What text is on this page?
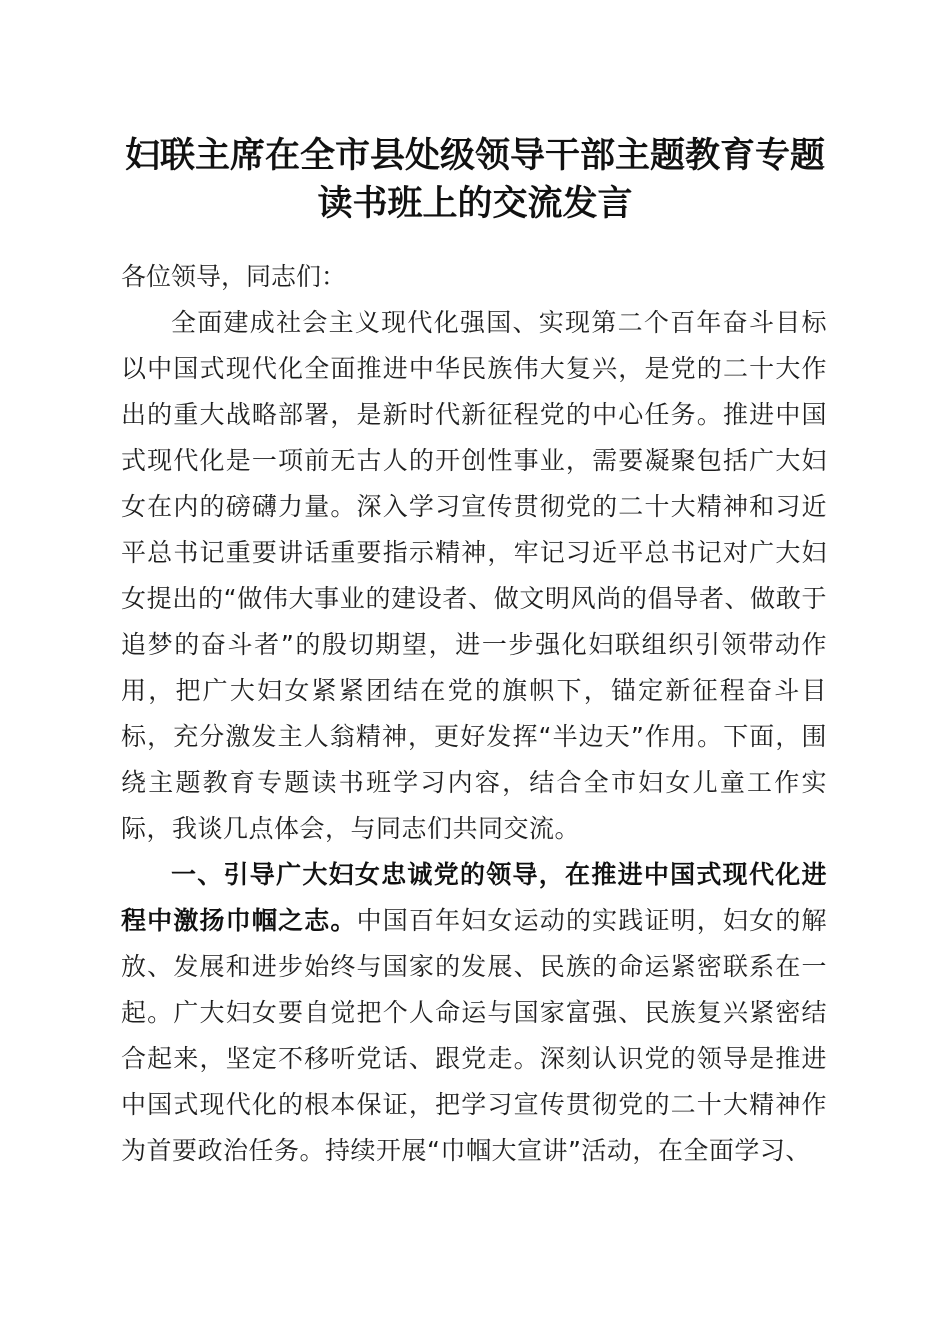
妇联主席在全市县处级领导干部主题教育专题
读书班上的交流发言

各位领导，同志们：

全面建成社会主义现代化强国、实现第二个百年奋斗目标以中国式现代化全面推进中华民族伟大复兴，是党的二十大作出的重大战略部署，是新时代新征程党的中心任务。推进中国式现代化是一项前无古人的开创性事业，需要凝聚包括广大妇女在内的磅礴力量。深入学习宣传贯彻党的二十大精神和习近平总书记重要讲话重要指示精神，牢记习近平总书记对广大妇女提出的“做伟大事业的建设者、做文明风尚的倡导者、做敢于追梦的奋斗者”的殷切期望，进一步强化妇联组织引领带动作用，把广大妇女紧紧团结在党的旗帜下，锚定新征程奋斗目标，充分激发主人翁精神，更好发挥“半边天”作用。下面，围绕主题教育专题读书班学习内容，结合全市妇女儿童工作实际，我谈几点体会，与同志们共同交流。

一、引导广大妇女忠诚党的领导，在推进中国式现代化进程中激扬巾帼之志。中国百年妇女运动的实践证明，妇女的解放、发展和进步始终与国家的发展、民族的命运紧密联系在一起。广大妇女要自觉把个人命运与国家富强、民族复兴紧密结合起来，坚定不移听党话、跟党走。深刻认识党的领导是推进中国式现代化的根本保证，把学习宣传贯彻党的二十大精神作为首要政治任务。持续开展“巾帼大宣讲”活动，在全面学习、
